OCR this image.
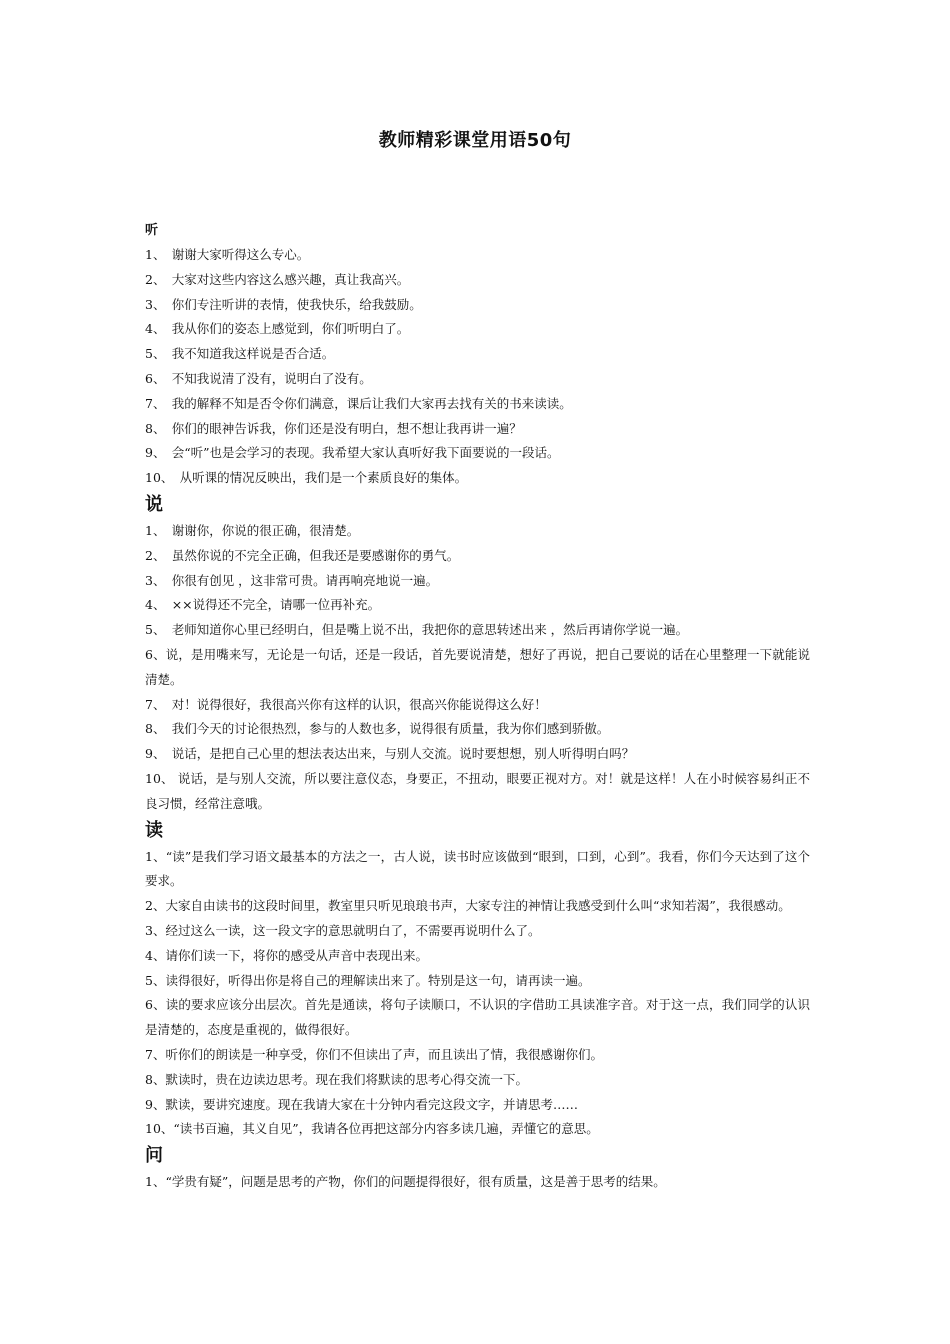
教师精彩课堂用语50句
听
1、　谢谢大家听得这么专心。
2、　大家对这些内容这么感兴趣，真让我高兴。
3、　你们专注听讲的表情，使我快乐，给我鼓励。
4、　我从你们的姿态上感觉到，你们听明白了。
5、　我不知道我这样说是否合适。
6、　不知我说清了没有，说明白了没有。
7、　我的解释不知是否令你们满意，课后让我们大家再去找有关的书来读读。
8、　你们的眼神告诉我，你们还是没有明白，想不想让我再讲一遍？
9、　会“听”也是会学习的表现。我希望大家认真听好我下面要说的一段话。
10、　从听课的情况反映出，我们是一个素质良好的集体。
说
1、　谢谢你，你说的很正确，很清楚。
2、　虽然你说的不完全正确，但我还是要感谢你的勇气。
3、　你很有创见 ，这非常可贵。请再响亮地说一遍。
4、　××说得还不完全，请哪一位再补充。
5、　老师知道你心里已经明白，但是嘴上说不出，我把你的意思转述出来 ，然后再请你学说一遍。
6、说，是用嘴来写，无论是一句话，还是一段话，首先要说清楚，想好了再说，把自己要说的话在心里整理一下就能说清楚。
7、　对！说得很好，我很高兴你有这样的认识，很高兴你能说得这么好！
8、　我们今天的讨论很热烈，参与的人数也多，说得很有质量，我为你们感到骄傲。
9、　说话，是把自己心里的想法表达出来，与别人交流。说时要想想，别人听得明白吗？
10、 说话，是与别人交流，所以要注意仪态，身要正，不扭动，眼要正视对方。对！就是这样！人在小时候容易纠正不良习惯，经常注意哦。
读
1、“读”是我们学习语文最基本的方法之一，古人说，读书时应该做到“眼到，口到，心到”。我看，你们今天达到了这个要求。
2、大家自由读书的这段时间里，教室里只听见琅琅书声，大家专注的神情让我感受到什么叫“求知若渴”，我很感动。
3、经过这么一读，这一段文字的意思就明白了，不需要再说明什么了。
4、请你们读一下，将你的感受从声音中表现出来。
5、读得很好，听得出你是将自己的理解读出来了。特别是这一句，请再读一遍。
6、读的要求应该分出层次。首先是通读，将句子读顺口，不认识的字借助工具读准字音。对于这一点，我们同学的认识是清楚的，态度是重视的，做得很好。
7、听你们的朗读是一种享受，你们不但读出了声，而且读出了情，我很感谢你们。
8、默读时，贵在边读边思考。现在我们将默读的思考心得交流一下。
9、默读，要讲究速度。现在我请大家在十分钟内看完这段文字，并请思考……
10、“读书百遍，其义自见”，我请各位再把这部分内容多读几遍，弄懂它的意思。
问
1、“学贵有疑”，问题是思考的产物，你们的问题提得很好，很有质量，这是善于思考的结果。
